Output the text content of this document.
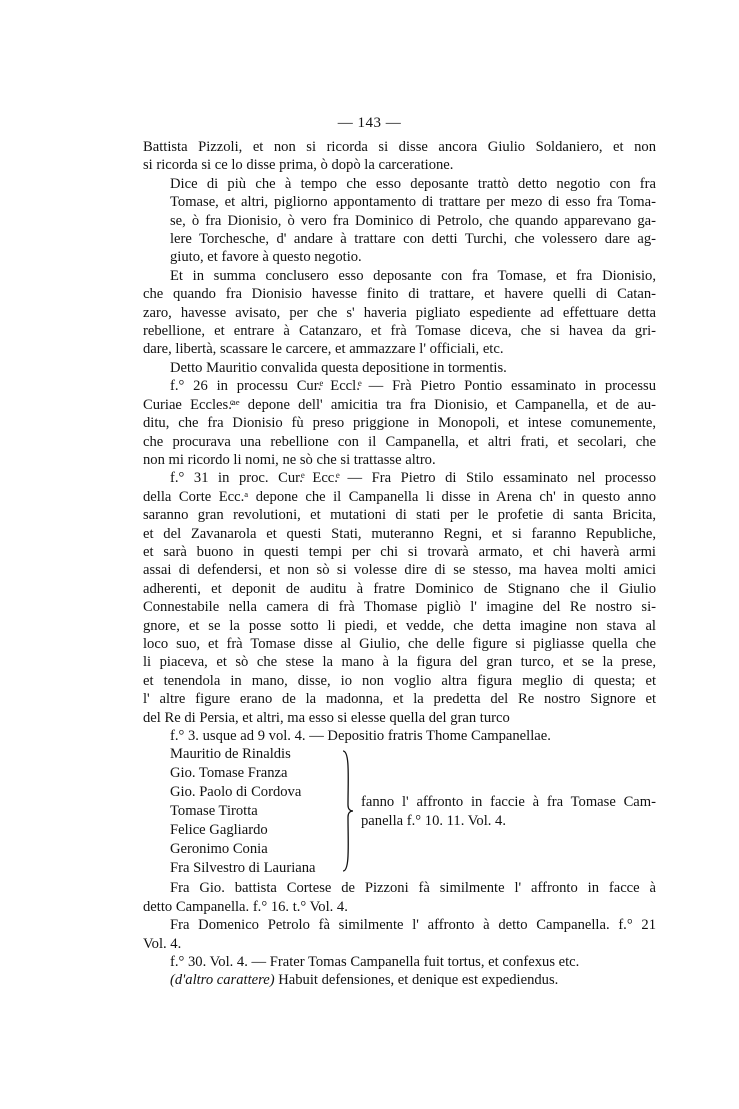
— 143 —

Battista Pizzoli, et non si ricorda si disse ancora Giulio Soldaniero, et non
si ricorda si ce lo disse prima, ò dopò la carceratione.

Dice di più che à tempo che esso deposante trattò detto negotio con fra
Tomase, et altri, pigliorno appontamento di trattare per mezo di esso fra Toma-
se, ò fra Dionisio, ò vero fra Dominico di Petrolo, che quando apparevano ga-
lere Torchesche, d' andare à trattare con detti Turchi, che volessero dare ag-
giuto, et favore à questo negotio.

Et in summa conclusero esso deposante con fra Tomase, et fra Dionisio,
che quando fra Dionisio havesse finito di trattare, et havere quelli di Catan-
zaro, havesse avisato, per che s' haveria pigliato espediente ad effettuare detta
rebellione, et entrare à Catanzaro, et frà Tomase diceva, che si havea da gri-
dare, libertà, scassare le carcere, et ammazzare l' officiali, etc.

Detto Mauritio convalida questa depositione in tormentis.

f.° 26 in processu Cur.ͤ Eccl.ͤ — Frà Pietro Pontio essaminato in processu
Curiae Eccles.ͨᵃᵉ depone dell' amicitia tra fra Dionisio, et Campanella, et de au-
ditu, che fra Dionisio fù preso priggione in Monopoli, et intese comunemente,
che procurava una rebellione con il Campanella, et altri frati, et secolari, che
non mi ricordo li nomi, ne sò che si trattasse altro.

f.° 31 in proc. Cur.ͤ Ecc.ͤ — Fra Pietro di Stilo essaminato nel processo
della Corte Ecc.ᵃ depone che il Campanella li disse in Arena ch' in questo anno
saranno gran revolutioni, et mutationi di stati per le profetie di santa Bricita,
et del Zavanarola et questi Stati, muteranno Regni, et si faranno Republiche,
et sarà buono in questi tempi per chi si trovarà armato, et chi haverà armi
assai di defendersi, et non sò si volesse dire di se stesso, ma havea molti amici
adherenti, et deponit de auditu à fratre Dominico de Stignano che il Giulio
Connestabile nella camera di frà Thomase pigliò l' imagine del Re nostro si-
gnore, et se la posse sotto li piedi, et vedde, che detta imagine non stava al
loco suo, et frà Tomase disse al Giulio, che delle figure si pigliasse quella che
li piaceva, et sò che stese la mano à la figura del gran turco, et se la prese,
et tenendola in mano, disse, io non voglio altra figura meglio di questa; et
l' altre figure erano de la madonna, et la predetta del Re nostro Signore et
del Re di Persia, et altri, ma esso si elesse quella del gran turco

f.° 3. usque ad 9 vol. 4. — Depositio fratris Thome Campanellae.

Mauritio de Rinaldis
Gio. Tomase Franza
Gio. Paolo di Cordova
Tomase Tirotta
Felice Gagliardo
Geronimo Conia
Fra Silvestro di Lauriana
fanno l' affronto in faccie à fra Tomase Cam-
panella f.° 10. 11. Vol. 4.

Fra Gio. battista Cortese de Pizzoni fà similmente l' affronto in facce à
detto Campanella. f.° 16. t.° Vol. 4.

Fra Domenico Petrolo fà similmente l' affronto à detto Campanella. f.° 21
Vol. 4.

f.° 30. Vol. 4. — Frater Tomas Campanella fuit tortus, et confexus etc.

(d'altro carattere) Habuit defensiones, et denique est expediendus.
